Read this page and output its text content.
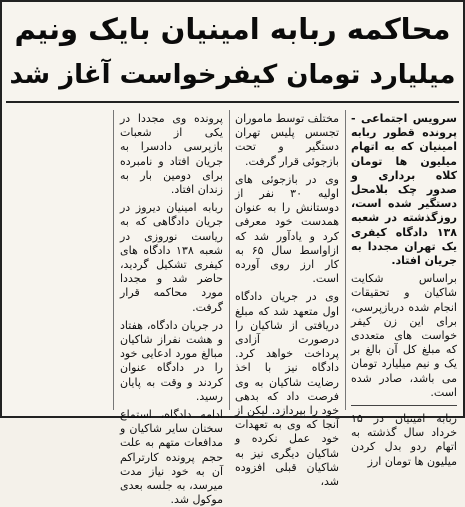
محاکمه ربابه امینیان بایک ونیم
میلیارد تومان کیفرخواست آغاز شد

سرویس اجتماعی - پرونده قطور ربابه امینیان که به اتهام میلیون ها تومان کلاه برداری و صدور چک بلامحل دستگیر شده است، روزگذشته در شعبه ۱۳۸ دادگاه کیفری یک تهران مجددا به جریان افتاد.

براساس شکایت شاکیان و تحقیقات انجام شده دربازپرسی، برای این زن کیفر خواست های متعددی که مبلغ کل آن بالغ بر یک و نیم میلیارد تومان می باشد، صادر شده است.

ربابه امینیان در ۱۵ خرداد سال گذشته به اتهام ردو بدل کردن میلیون ها تومان ارز

مختلف توسط ماموران تجسس پلیس تهران دستگیر و تحت بازجوئی قرار گرفت.

وی در بازجوئی های اولیه ۳۰ نفر از دوستانش را به عنوان همدست خود معرفی کرد و یادآور شد که ازاواسط سال ۶۵ به کار ارز روی آورده است.

وی در جریان دادگاه اول متعهد شد که مبلغ دریافتی از شاکیان را درصورت آزادی پرداخت خواهد کرد. دادگاه نیز با اخذ رضایت شاکیان به وی فرصت داد که بدهی خود را بپردازد. لیکن از آنجا که وی به تعهدات خود عمل نکرده و شاکیان دیگری نیز به شاکیان قبلی افزوده شد،

پرونده وی مجددا در یکی از شعبات بازپرسی دادسرا به جریان افتاد و نامبرده برای دومین بار به زندان افتاد.

ربابه امینیان دیروز در جریان دادگاهی که به ریاست نوروزی در شعبه ۱۳۸ دادگاه های کیفری تشکیل گردید، حاضر شد و مجددا مورد محاکمه قرار گرفت.

در جریان دادگاه، هفتاد و هشت نفراز شاکیان مبالغ مورد ادعایی خود را در دادگاه عنوان کردند و وقت به پایان رسید.

ادامه دادگاه، استماع سخنان سایر شاکیان و مدافعات متهم به علت حجم پرونده کارتراکم آن به خود نیاز مدت میرسد، به جلسه بعدی موکول شد.
